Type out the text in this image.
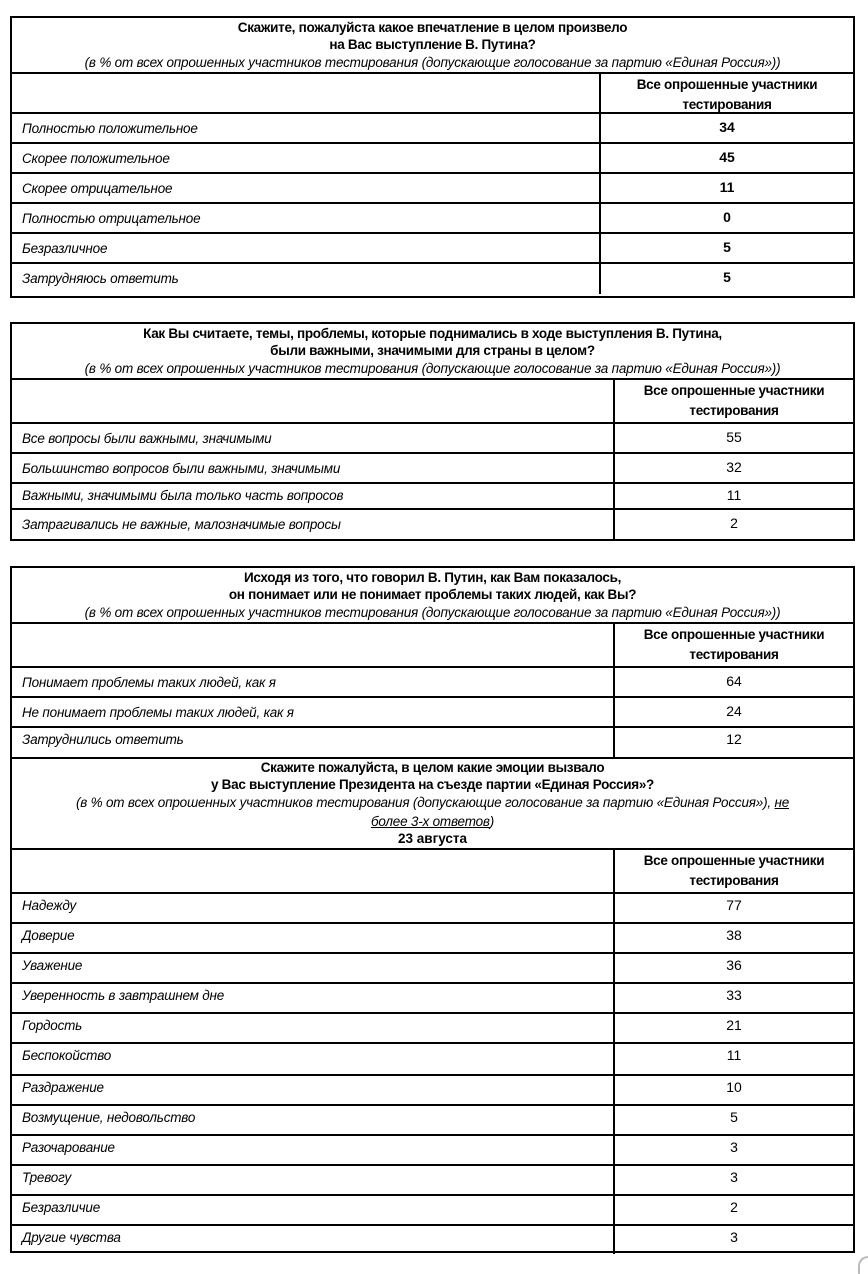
Скажите, пожалуйста какое впечатление в целом произвело
на Вас выступление В. Путина?
(в % от всех опрошенных участников тестирования (допускающие голосование за партию «Единая Россия»))
Все опрошенные участники тестирования
Полностью положительное	34
Скорее положительное	45
Скорее отрицательное	11
Полностью отрицательное	0
Безразличное	5
Затрудняюсь ответить	5
Как Вы считаете, темы, проблемы, которые поднимались в ходе выступления В. Путина,
были важными, значимыми для страны в целом?
(в % от всех опрошенных участников тестирования (допускающие голосование за партию «Единая Россия»))
Все опрошенные участники тестирования
Все вопросы были важными, значимыми	55
Большинство вопросов были важными, значимыми	32
Важными, значимыми была только часть вопросов	11
Затрагивались не важные, малозначимые вопросы	2
Исходя из того, что говорил В. Путин, как Вам показалось,
он понимает или не понимает проблемы таких людей, как Вы?
(в % от всех опрошенных участников тестирования (допускающие голосование за партию «Единая Россия»))
Все опрошенные участники тестирования
Понимает проблемы таких людей, как я	64
Не понимает проблемы таких людей, как я	24
Затруднились ответить	12
Скажите пожалуйста, в целом какие эмоции вызвало
у Вас выступление Президента на съезде партии «Единая Россия»?
(в % от всех опрошенных участников тестирования (допускающие голосование за партию «Единая Россия»), не
более 3-х ответов)
23 августа
Все опрошенные участники тестирования
Надежду	77
Доверие	38
Уважение	36
Уверенность в завтрашнем дне	33
Гордость	21
Беспокойство	11
Раздражение	10
Возмущение, недовольство	5
Разочарование	3
Тревогу	3
Безразличие	2
Другие чувства	3
